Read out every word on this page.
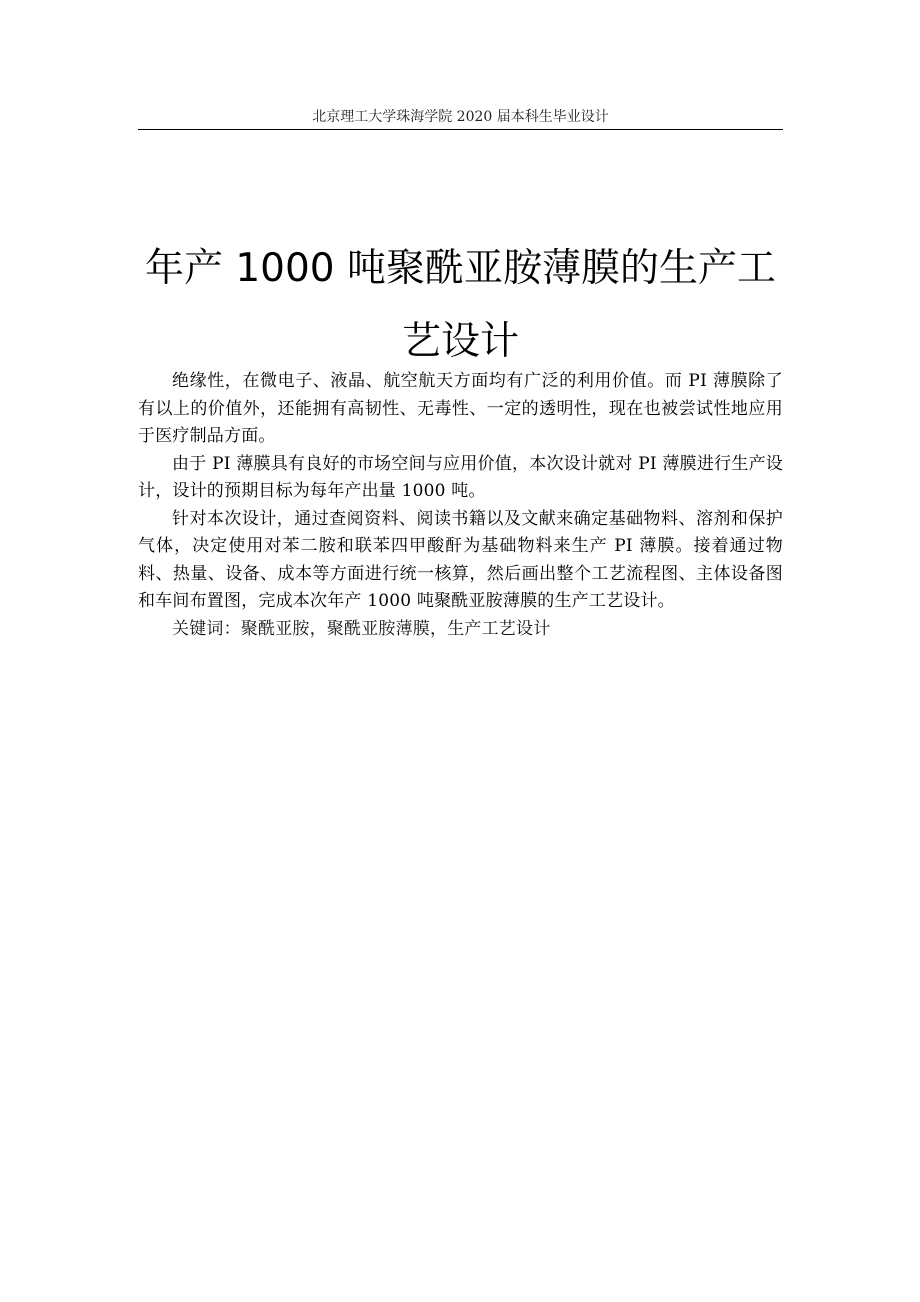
北京理工大学珠海学院 2020 届本科生毕业设计
年产 1000 吨聚酰亚胺薄膜的生产工艺设计

绝缘性，在微电子、液晶、航空航天方面均有广泛的利用价值。而 PI 薄膜除了有以上的价值外，还能拥有高韧性、无毒性、一定的透明性，现在也被尝试性地应用于医疗制品方面。

由于 PI 薄膜具有良好的市场空间与应用价值，本次设计就对 PI 薄膜进行生产设计，设计的预期目标为每年产出量 1000 吨。

针对本次设计，通过查阅资料、阅读书籍以及文献来确定基础物料、溶剂和保护气体，决定使用对苯二胺和联苯四甲酸酐为基础物料来生产 PI 薄膜。接着通过物料、热量、设备、成本等方面进行统一核算，然后画出整个工艺流程图、主体设备图和车间布置图，完成本次年产 1000 吨聚酰亚胺薄膜的生产工艺设计。

关键词：聚酰亚胺，聚酰亚胺薄膜，生产工艺设计
